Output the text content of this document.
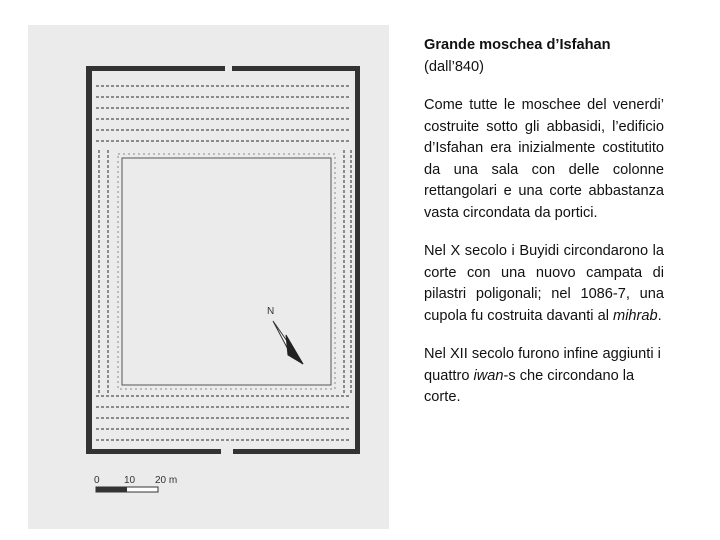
N
0 10 20 m

Grande moschea d’Isfahan

(dall’840)

Come tutte le moschee del venerdi’ costruite sotto gli abbasidi, l’edificio d’Isfahan era inizialmente costitutito da una sala con delle colonne rettangolari e una corte abbastanza vasta circondata da portici.

Nel X secolo i Buyidi circondarono la corte con una nuovo campata di pilastri poligonali; nel 1086-7, una cupola fu costruita davanti al mihrab.

Nel XII secolo furono infine aggiunti i quattro iwan-s che circondano la corte.
